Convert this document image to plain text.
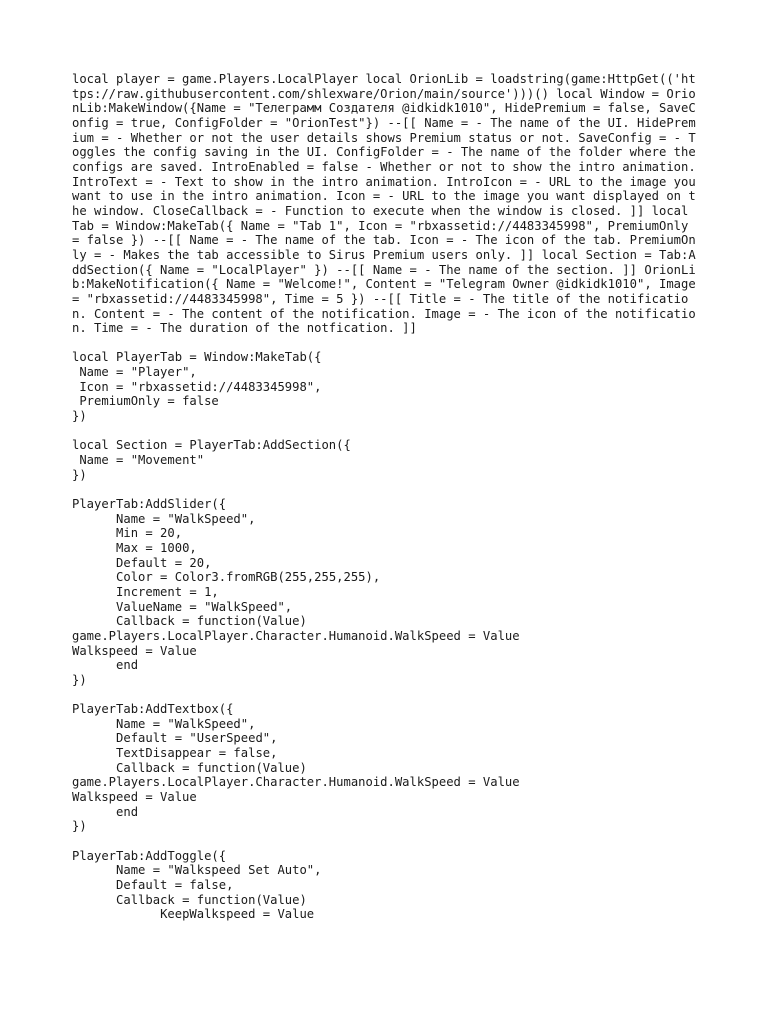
local player = game.Players.LocalPlayer local OrionLib = loadstring(game:HttpGet(('https://raw.githubusercontent.com/shlexware/Orion/main/source')))() local Window = OrionLib:MakeWindow({Name = "Телеграмм Создателя @idkidk1010", HidePremium = false, SaveConfig = true, ConfigFolder = "OrionTest"}) --[[ Name = - The name of the UI. HidePremium = - Whether or not the user details shows Premium status or not. SaveConfig = - Toggles the config saving in the UI. ConfigFolder = - The name of the folder where the configs are saved. IntroEnabled = false - Whether or not to show the intro animation. IntroText = - Text to show in the intro animation. IntroIcon = - URL to the image you want to use in the intro animation. Icon = - URL to the image you want displayed on the window. CloseCallback = - Function to execute when the window is closed. ]] local Tab = Window:MakeTab({ Name = "Tab 1", Icon = "rbxassetid://4483345998", PremiumOnly = false }) --[[ Name = - The name of the tab. Icon = - The icon of the tab. PremiumOnly = - Makes the tab accessible to Sirus Premium users only. ]] local Section = Tab:AddSection({ Name = "LocalPlayer" }) --[[ Name = - The name of the section. ]] OrionLib:MakeNotification({ Name = "Welcome!", Content = "Telegram Owner @idkidk1010", Image = "rbxassetid://4483345998", Time = 5 }) --[[ Title = - The title of the notification. Content = - The content of the notification. Image = - The icon of the notification. Time = - The duration of the notfication. ]]

local PlayerTab = Window:MakeTab({
Name = "Player",
Icon = "rbxassetid://4483345998",
PremiumOnly = false
})

local Section = PlayerTab:AddSection({
Name = "Movement"
})

PlayerTab:AddSlider({
Name = "WalkSpeed",
Min = 20,
Max = 1000,
Default = 20,
Color = Color3.fromRGB(255,255,255),
Increment = 1,
ValueName = "WalkSpeed",
Callback = function(Value)
game.Players.LocalPlayer.Character.Humanoid.WalkSpeed = Value
Walkspeed = Value
end
})

PlayerTab:AddTextbox({
Name = "WalkSpeed",
Default = "UserSpeed",
TextDisappear = false,
Callback = function(Value)
game.Players.LocalPlayer.Character.Humanoid.WalkSpeed = Value
Walkspeed = Value
end
})

PlayerTab:AddToggle({
Name = "Walkspeed Set Auto",
Default = false,
Callback = function(Value)
KeepWalkspeed = Value
